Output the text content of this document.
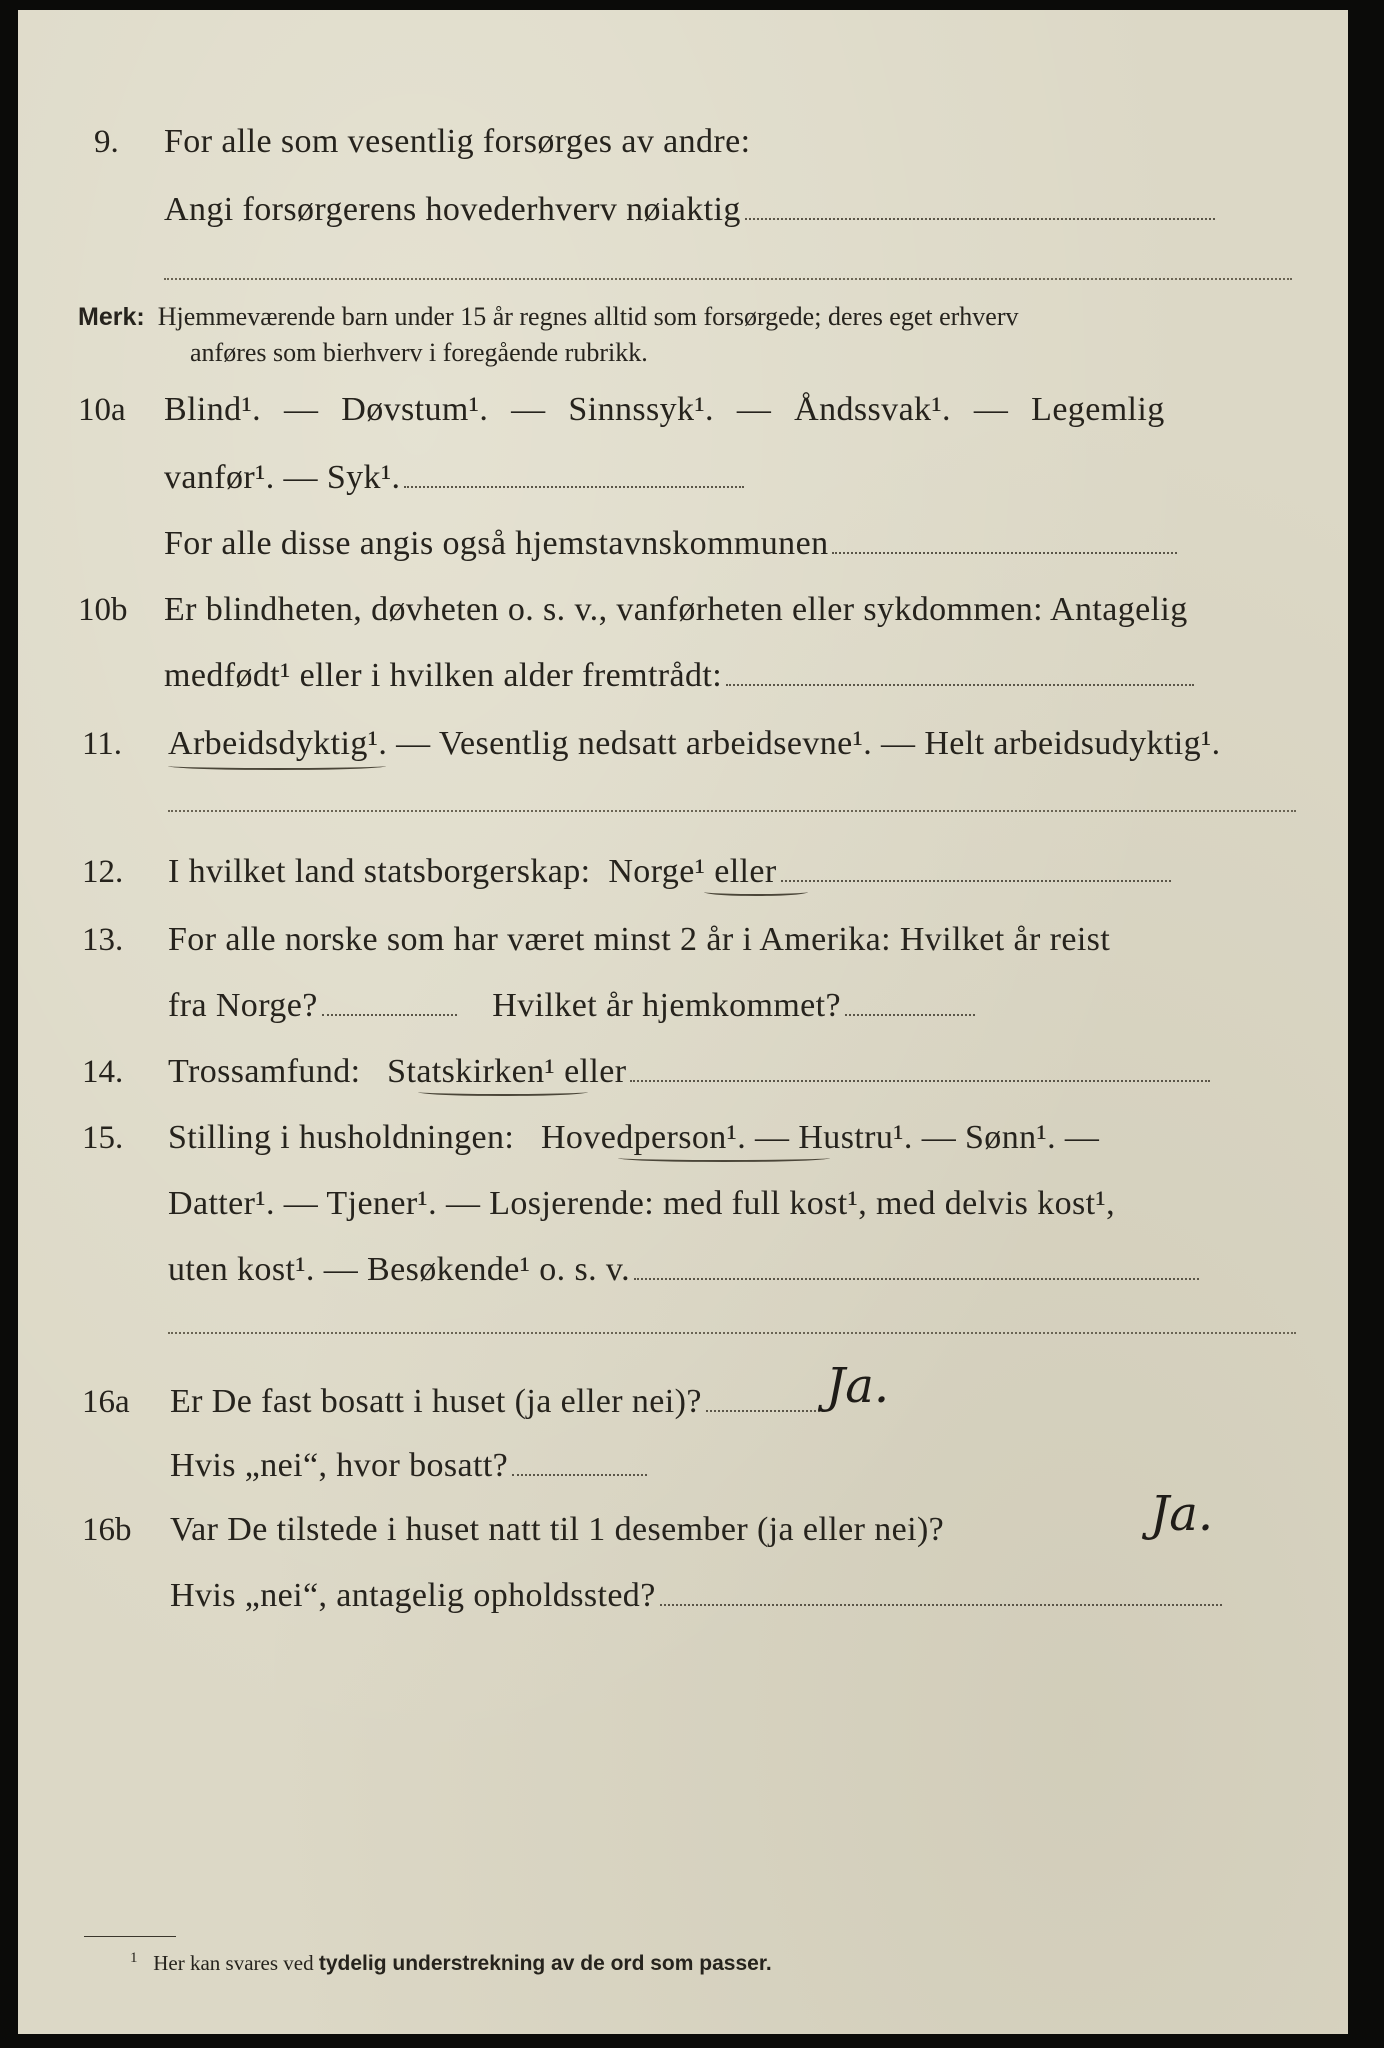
9. For alle som vesentlig forsørges av andre:
Angi forsørgerens hovederhverv nøiaktig
Merk: Hjemmeværende barn under 15 år regnes alltid som forsørgede; deres eget erhverv
anføres som bierhverv i foregående rubrikk.
10a Blind¹. — Døvstum¹. — Sinnssyk¹. — Åndssvak¹. — Legemlig
vanfør¹. — Syk¹.
For alle disse angis også hjemstavnskommunen
10b Er blindheten, døvheten o. s. v., vanførheten eller sykdommen: Antagelig
medfødt¹ eller i hvilken alder fremtrådt:
11. Arbeidsdyktig¹. — Vesentlig nedsatt arbeidsevne¹. — Helt arbeidsudyktig¹.
12. I hvilket land statsborgerskap: Norge¹ eller
13. For alle norske som har været minst 2 år i Amerika: Hvilket år reist
fra Norge?	Hvilket år hjemkommet?
14. Trossamfund: Statskirken¹ eller
15. Stilling i husholdningen: Hovedperson¹. — Hustru¹. — Sønn¹. —
Datter¹. — Tjener¹. — Losjerende: med full kost¹, med delvis kost¹,
uten kost¹. — Besøkende¹ o. s. v.
16a Er De fast bosatt i huset (ja eller nei)?	Ja.
Hvis „nei“, hvor bosatt?
16b Var De tilstede i huset natt til 1 desember (ja eller nei)?	Ja.
Hvis „nei“, antagelig opholdssted?
$^1$ Her kan svares ved tydelig understrekning av de ord som passer.
